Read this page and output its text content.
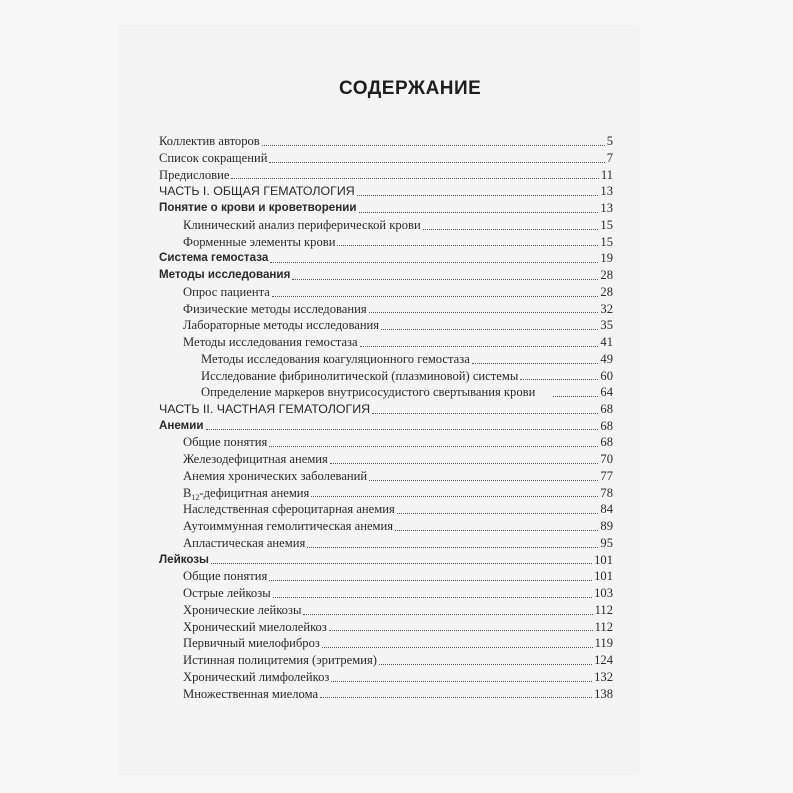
СОДЕРЖАНИЕ
Коллектив авторов	5
Список сокращений	7
Предисловие	11
ЧАСТЬ I. ОБЩАЯ ГЕМАТОЛОГИЯ	13
Понятие о крови и кроветворении	13
Клинический анализ периферической крови	15
Форменные элементы крови	15
Система гемостаза	19
Методы исследования	28
Опрос пациента	28
Физические методы исследования	32
Лабораторные методы исследования	35
Методы исследования гемостаза	41
Методы исследования коагуляционного гемостаза	49
Исследование фибринолитической (плазминовой) системы	60
Определение маркеров внутрисосудистого свертывания крови	64
ЧАСТЬ II. ЧАСТНАЯ ГЕМАТОЛОГИЯ	68
Анемии	68
Общие понятия	68
Железодефицитная анемия	70
Анемия хронических заболеваний	77
$B_{12}$-дефицитная анемия	78
Наследственная сфероцитарная анемия	84
Аутоиммунная гемолитическая анемия	89
Апластическая анемия	95
Лейкозы	101
Общие понятия	101
Острые лейкозы	103
Хронические лейкозы	112
Хронический миелолейкоз	112
Первичный миелофиброз	119
Истинная полицитемия (эритремия)	124
Хронический лимфолейкоз	132
Множественная миелома	138
